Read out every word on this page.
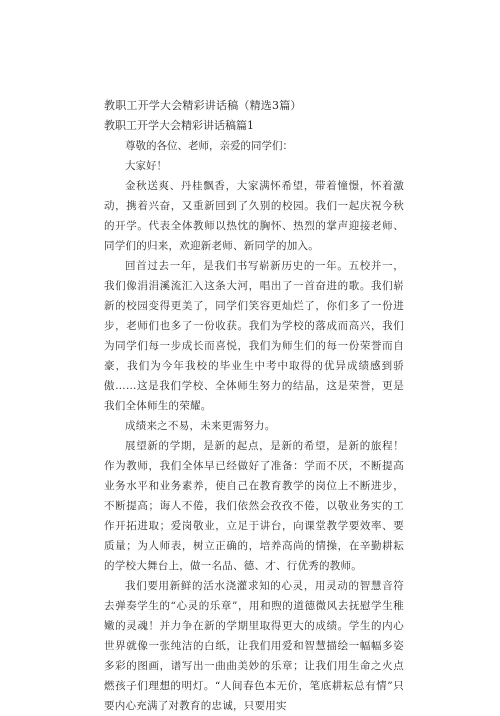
教职工开学大会精彩讲话稿（精选3篇）

教职工开学大会精彩讲话稿篇1

尊敬的各位、老师，亲爱的同学们：

大家好！

金秋送爽、丹桂飘香，大家满怀希望，带着憧憬，怀着激动，携着兴奋，又重新回到了久别的校园。我们一起庆祝今秋的开学。代表全体教师以热忱的胸怀、热烈的掌声迎接老师、同学们的归来，欢迎新老师、新同学的加入。

回首过去一年，是我们书写崭新历史的一年。五校并一，我们像涓涓溪流汇入这条大河，唱出了一首奋进的歌。我们崭新的校园变得更美了，同学们笑容更灿烂了，你们多了一份进步，老师们也多了一份收获。我们为学校的落成而高兴，我们为同学们每一步成长而喜悦，我们为师生们的每一份荣誉而自豪，我们为今年我校的毕业生中考中取得的优异成绩感到骄傲……这是我们学校、全体师生努力的结晶，这是荣誉，更是我们全体师生的荣耀。

成绩来之不易，未来更需努力。

展望新的学期，是新的起点，是新的希望，是新的旅程！作为教师，我们全体早已经做好了准备：学而不厌，不断提高业务水平和业务素养，使自己在教育教学的岗位上不断进步，不断提高；诲人不倦，我们依然会孜孜不倦，以敬业务实的工作开拓进取；爱岗敬业，立足于讲台，向课堂教学要效率、要质量；为人师表，树立正确的，培养高尚的情操，在辛勤耕耘的学校大舞台上，做一名品、德、才、行优秀的教师。

我们要用新鲜的活水浇灌求知的心灵，用灵动的智慧音符去弹奏学生的“心灵的乐章”，用和煦的道德微风去抚慰学生稚嫩的灵魂！并力争在新的学期里取得更大的成绩。学生的内心世界就像一张纯洁的白纸，让我们用爱和智慧描绘一幅幅多姿多彩的图画，谱写出一曲曲美妙的乐章；让我们用生命之火点燃孩子们理想的明灯。“人间春色本无价，笔底耕耘总有情”只要内心充满了对教育的忠诚，只要用实
